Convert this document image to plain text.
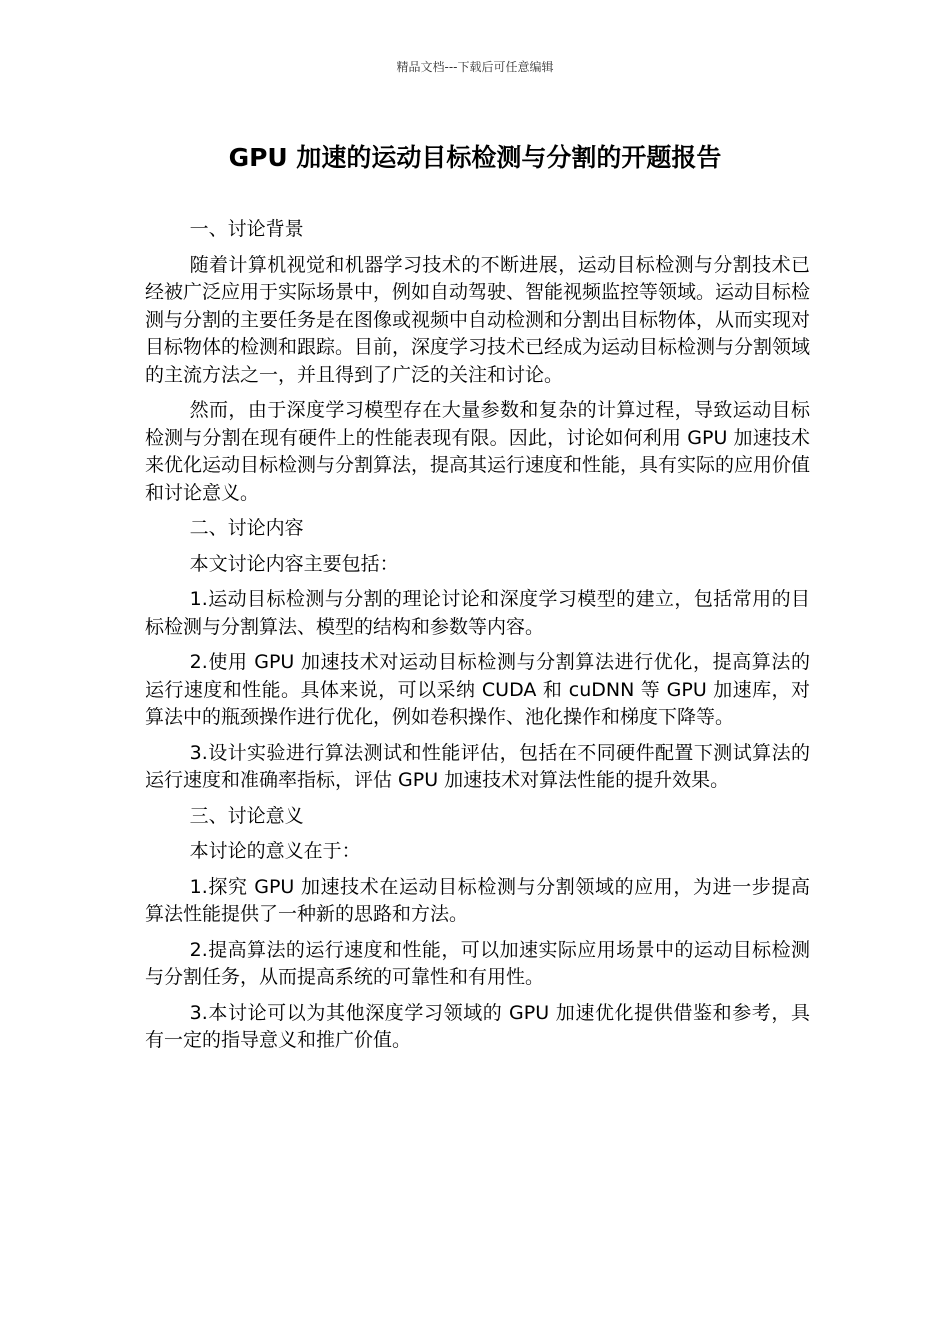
精品文档---下载后可任意编辑
GPU 加速的运动目标检测与分割的开题报告

一、讨论背景

随着计算机视觉和机器学习技术的不断进展，运动目标检测与分割技术已经被广泛应用于实际场景中，例如自动驾驶、智能视频监控等领域。运动目标检测与分割的主要任务是在图像或视频中自动检测和分割出目标物体，从而实现对目标物体的检测和跟踪。目前，深度学习技术已经成为运动目标检测与分割领域的主流方法之一，并且得到了广泛的关注和讨论。

然而，由于深度学习模型存在大量参数和复杂的计算过程，导致运动目标检测与分割在现有硬件上的性能表现有限。因此，讨论如何利用 GPU 加速技术来优化运动目标检测与分割算法，提高其运行速度和性能，具有实际的应用价值和讨论意义。

二、讨论内容

本文讨论内容主要包括：

1.运动目标检测与分割的理论讨论和深度学习模型的建立，包括常用的目标检测与分割算法、模型的结构和参数等内容。

2.使用 GPU 加速技术对运动目标检测与分割算法进行优化，提高算法的运行速度和性能。具体来说，可以采纳 CUDA 和 cuDNN 等 GPU 加速库，对算法中的瓶颈操作进行优化，例如卷积操作、池化操作和梯度下降等。

3.设计实验进行算法测试和性能评估，包括在不同硬件配置下测试算法的运行速度和准确率指标，评估 GPU 加速技术对算法性能的提升效果。

三、讨论意义

本讨论的意义在于：

1.探究 GPU 加速技术在运动目标检测与分割领域的应用，为进一步提高算法性能提供了一种新的思路和方法。

2.提高算法的运行速度和性能，可以加速实际应用场景中的运动目标检测与分割任务，从而提高系统的可靠性和有用性。

3.本讨论可以为其他深度学习领域的 GPU 加速优化提供借鉴和参考，具有一定的指导意义和推广价值。
